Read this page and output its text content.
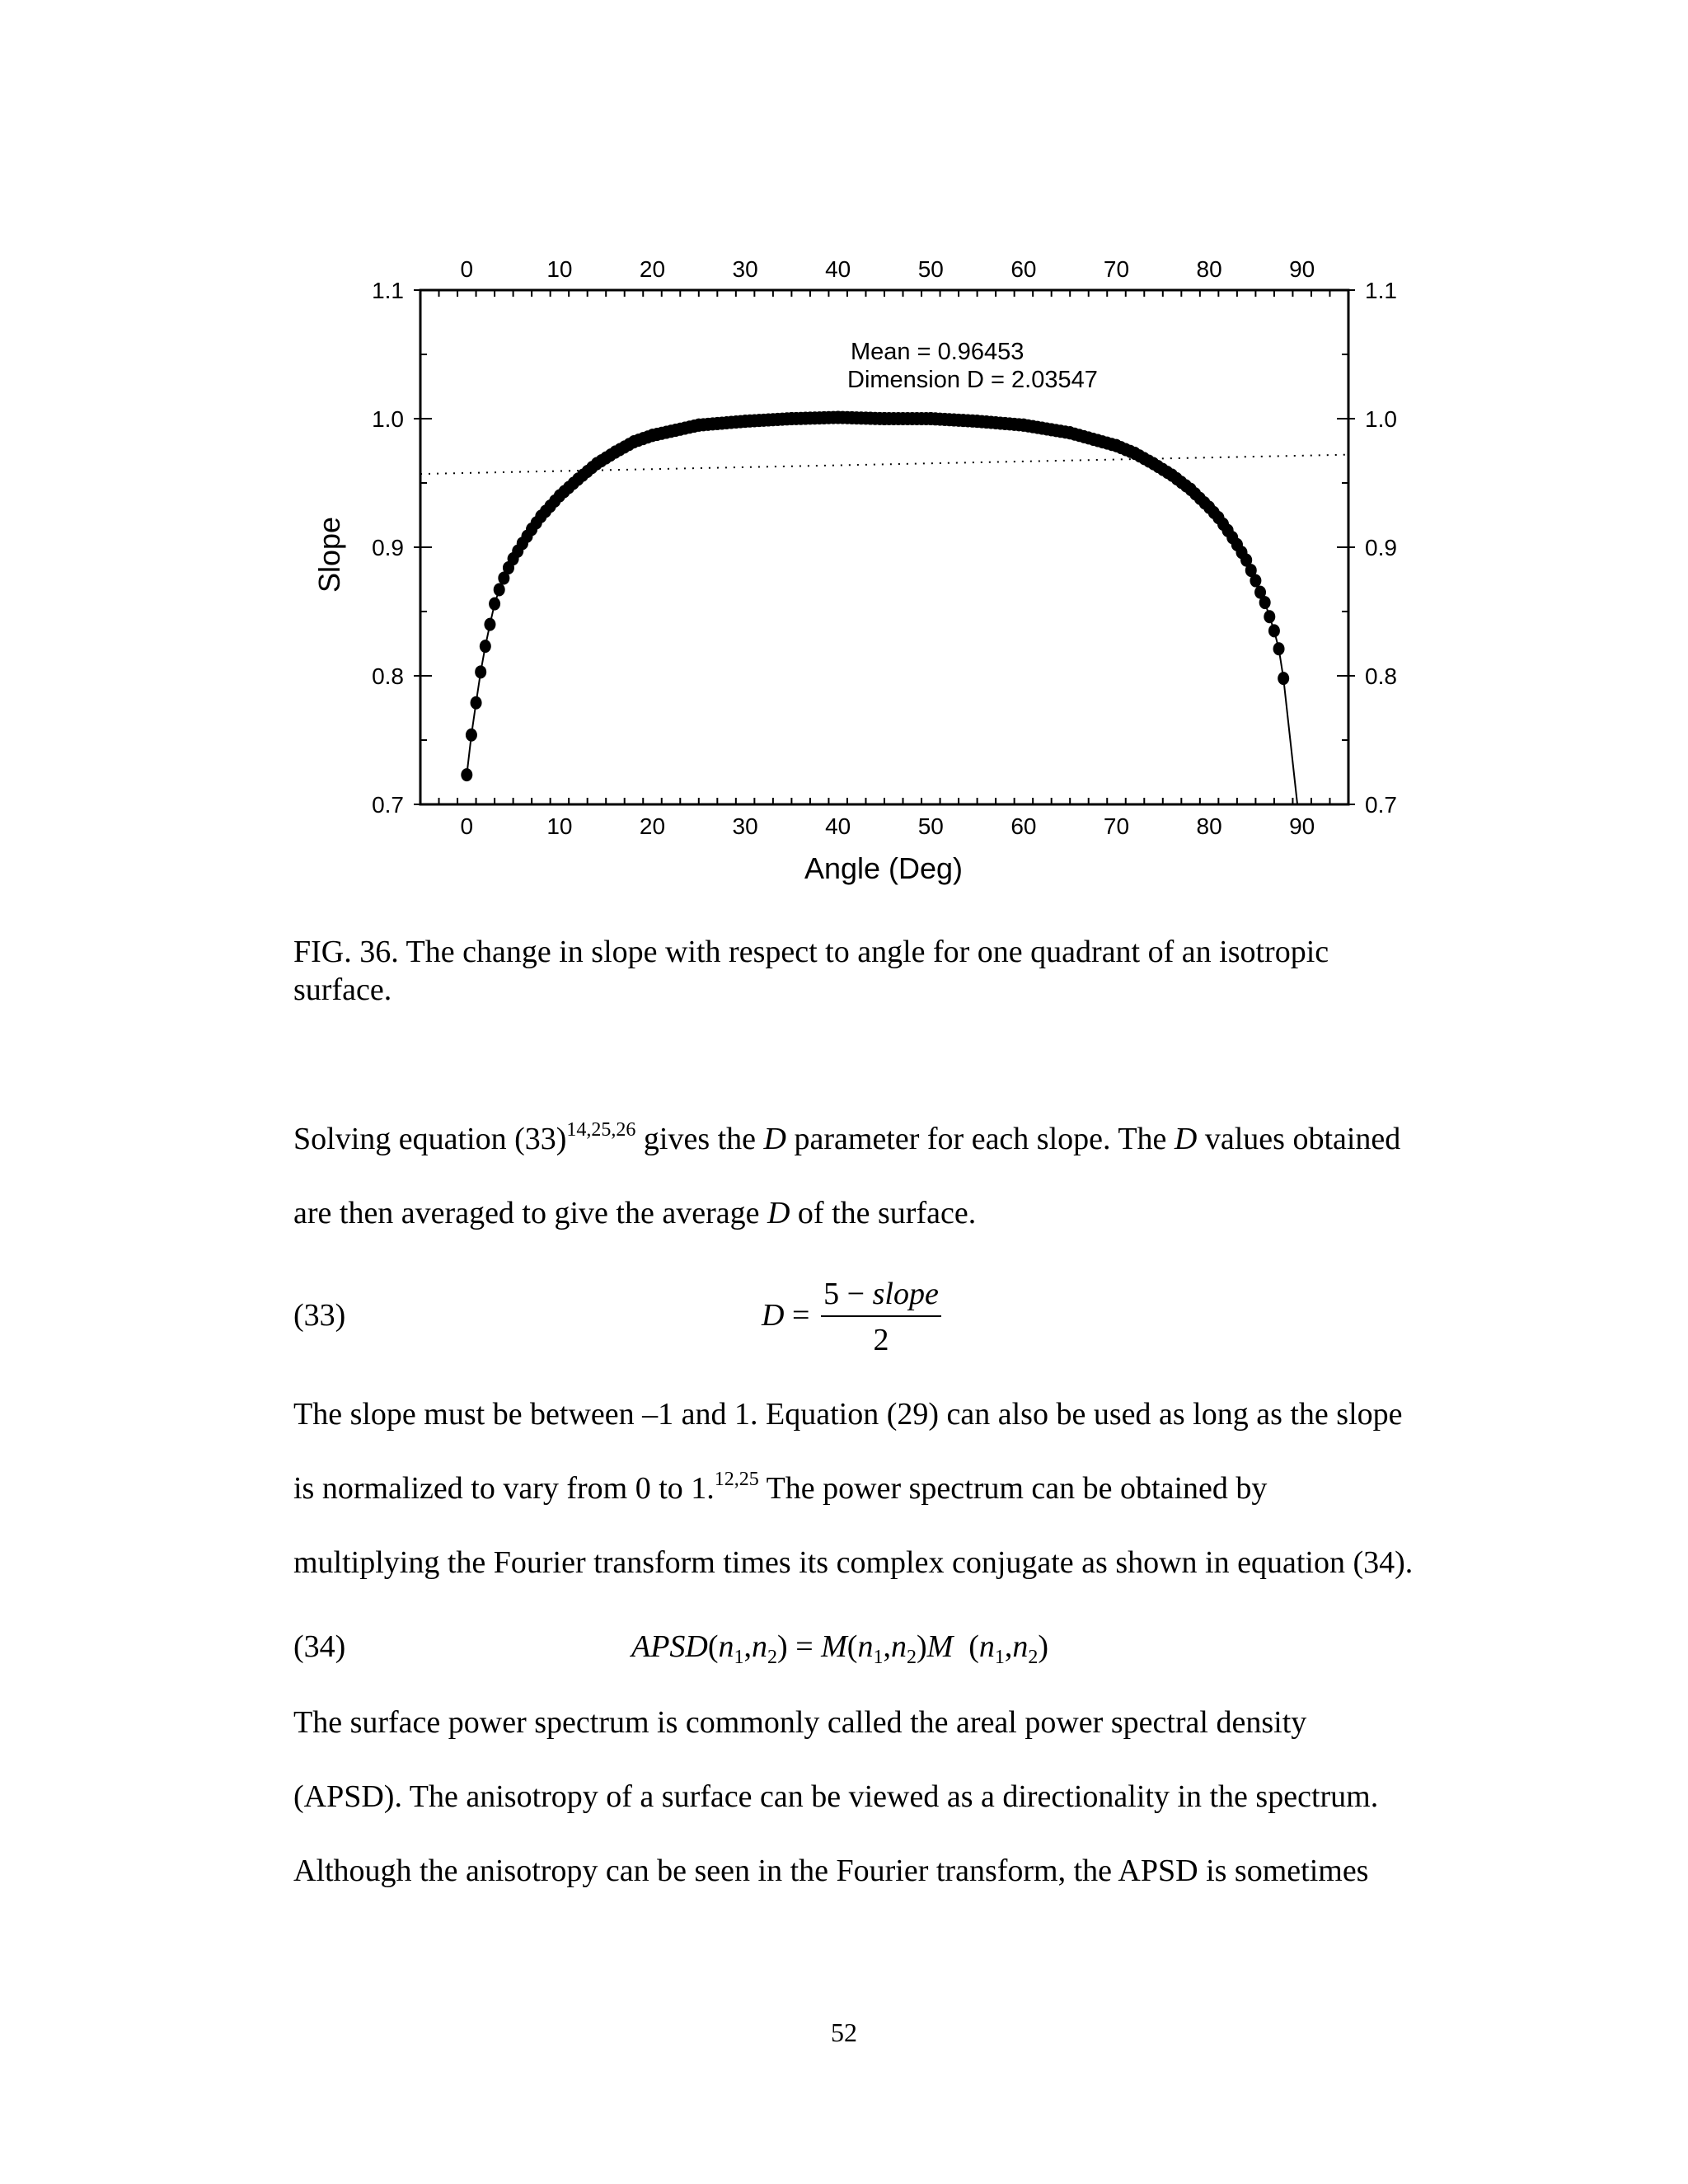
0
0
10
10
20
20
30
30
40
40
50
50
60
60
70
70
80
80
90
90
0.7	0.7
0.8	0.8
0.9	0.9
1.0	1.0
1.1	1.1
Mean = 0.96453
Dimension D = 2.03547
Angle (Deg)
Slope
FIG. 36. The change in slope with respect to angle for one quadrant of an isotropic
surface.
Solving equation $(33)^{14,25,26}$ gives the D parameter for each slope. The D values obtained
are then averaged to give the average D of the surface.
(33)	D =
5 − slope
2
The slope must be between –1 and 1. Equation (29) can also be used as long as the slope
is normalized to vary from 0 to 1.$^{12,25}$ The power spectrum can be obtained by
multiplying the Fourier transform times its complex conjugate as shown in equation (34).
(34)	$APSD(n_1,n_2) = M(n_1,n_2)M$ $(n_1,n_2)$
The surface power spectrum is commonly called the areal power spectral density
(APSD). The anisotropy of a surface can be viewed as a directionality in the spectrum.
Although the anisotropy can be seen in the Fourier transform, the APSD is sometimes
52
